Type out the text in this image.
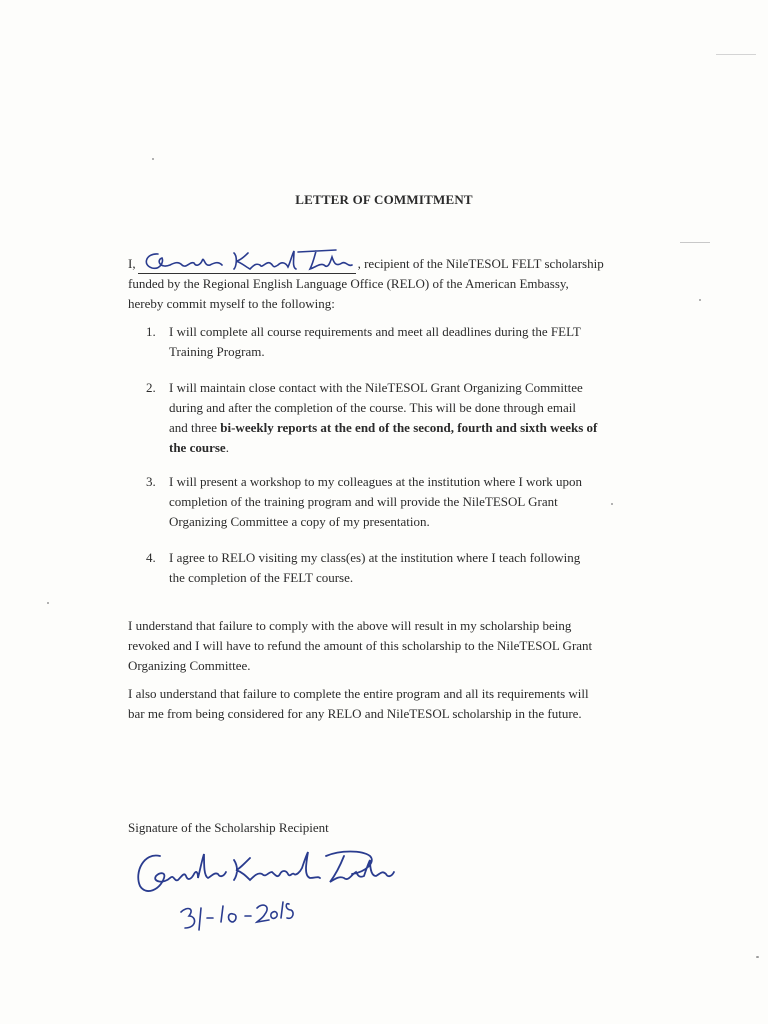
LETTER OF COMMITMENT
I,	, recipient of the NileTESOL FELT scholarship
funded by the Regional English Language Office (RELO) of the American Embassy,
hereby commit myself to the following:
1. I will complete all course requirements and meet all deadlines during the FELT
Training Program.
2. I will maintain close contact with the NileTESOL Grant Organizing Committee
during and after the completion of the course. This will be done through email
and three bi-weekly reports at the end of the second, fourth and sixth weeks of
the course.
3. I will present a workshop to my colleagues at the institution where I work upon
completion of the training program and will provide the NileTESOL Grant
Organizing Committee a copy of my presentation.
4. I agree to RELO visiting my class(es) at the institution where I teach following
the completion of the FELT course.
I understand that failure to comply with the above will result in my scholarship being
revoked and I will have to refund the amount of this scholarship to the NileTESOL Grant
Organizing Committee.
I also understand that failure to complete the entire program and all its requirements will
bar me from being considered for any RELO and NileTESOL scholarship in the future.
Signature of the Scholarship Recipient
